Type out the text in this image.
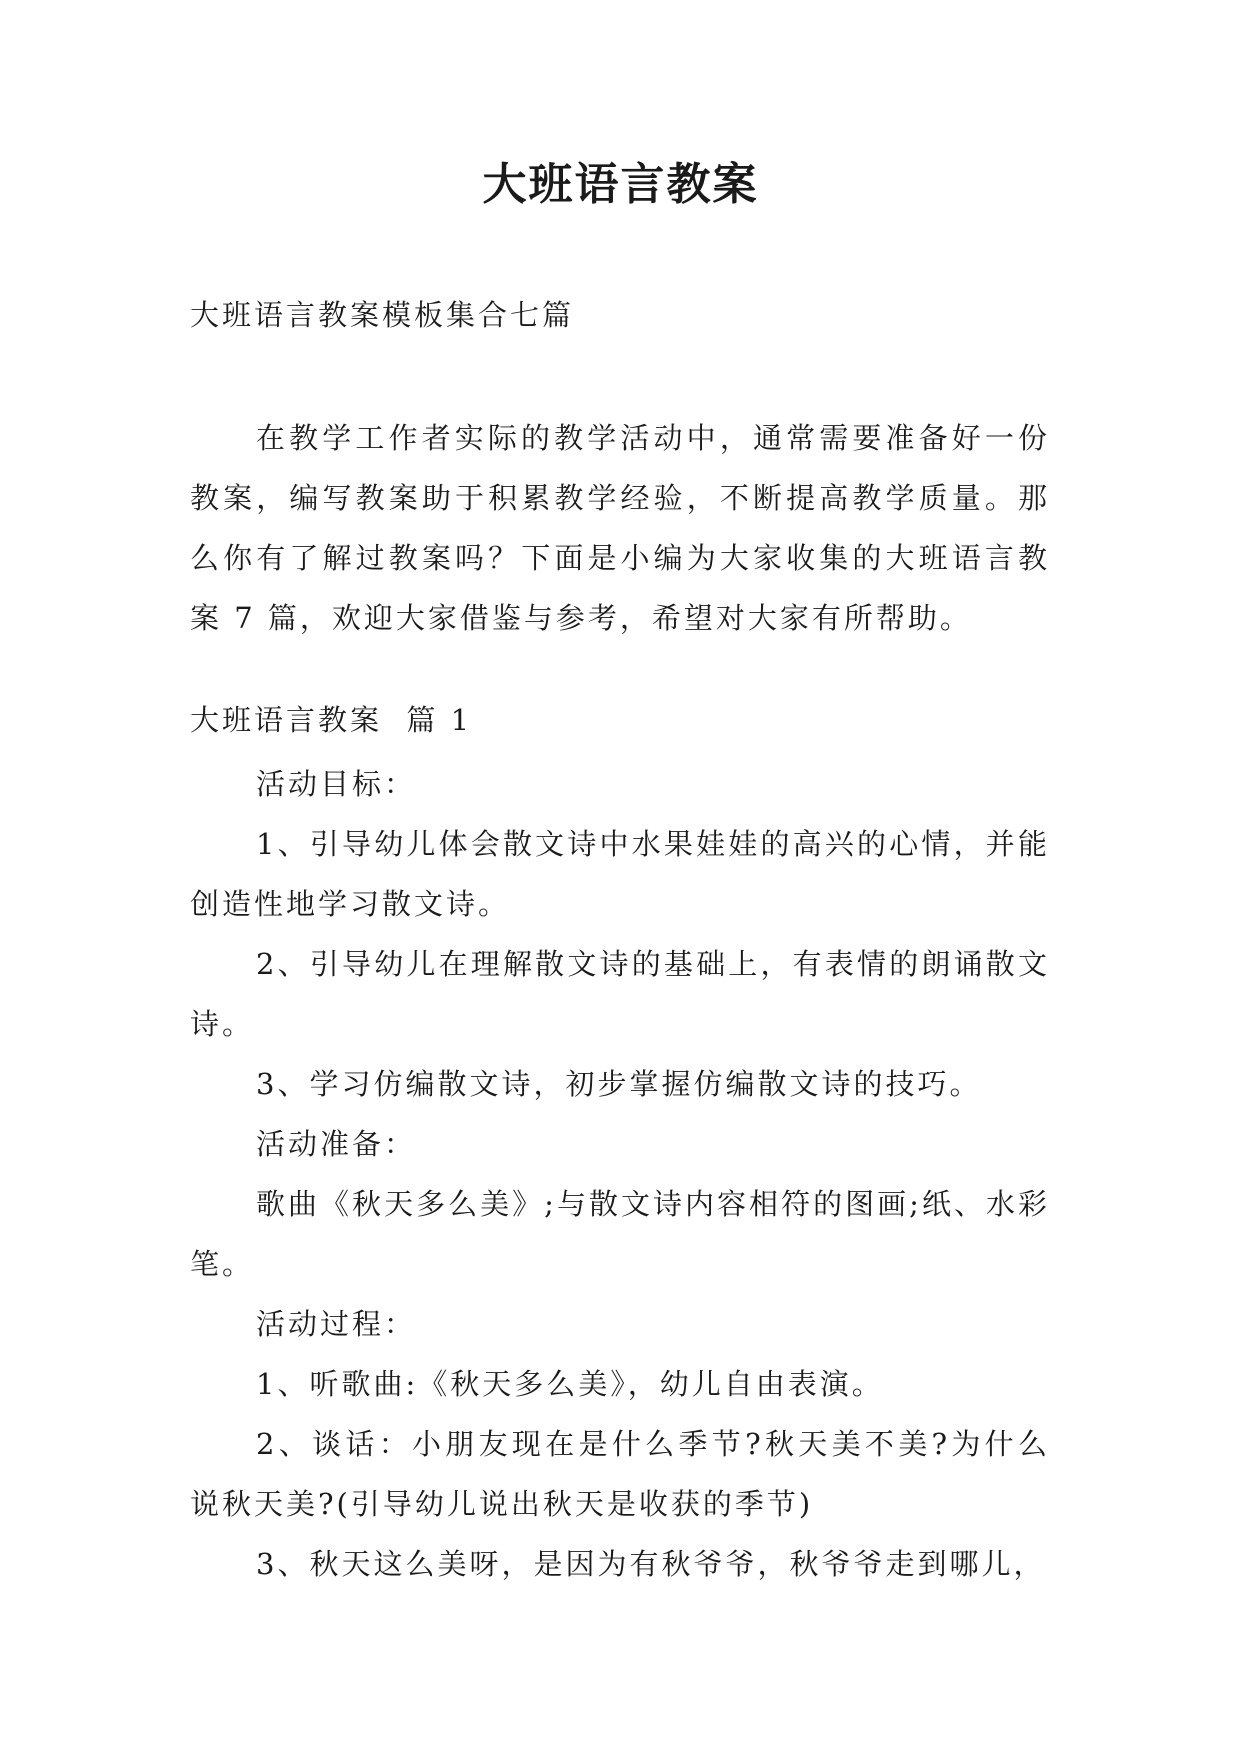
大班语言教案
大班语言教案模板集合七篇

在教学工作者实际的教学活动中，通常需要准备好一份教案，编写教案助于积累教学经验，不断提高教学质量。那么你有了解过教案吗？下面是小编为大家收集的大班语言教案 7 篇，欢迎大家借鉴与参考，希望对大家有所帮助。

大班语言教案  篇 1

活动目标：

1、引导幼儿体会散文诗中水果娃娃的高兴的心情，并能创造性地学习散文诗。

2、引导幼儿在理解散文诗的基础上，有表情的朗诵散文诗。

3、学习仿编散文诗，初步掌握仿编散文诗的技巧。

活动准备：

歌曲《秋天多么美》;与散文诗内容相符的图画;纸、水彩笔。

活动过程：

1、听歌曲:《秋天多么美》，幼儿自由表演。

2、谈话：小朋友现在是什么季节?秋天美不美?为什么说秋天美?(引导幼儿说出秋天是收获的季节)

3、秋天这么美呀，是因为有秋爷爷，秋爷爷走到哪儿，
